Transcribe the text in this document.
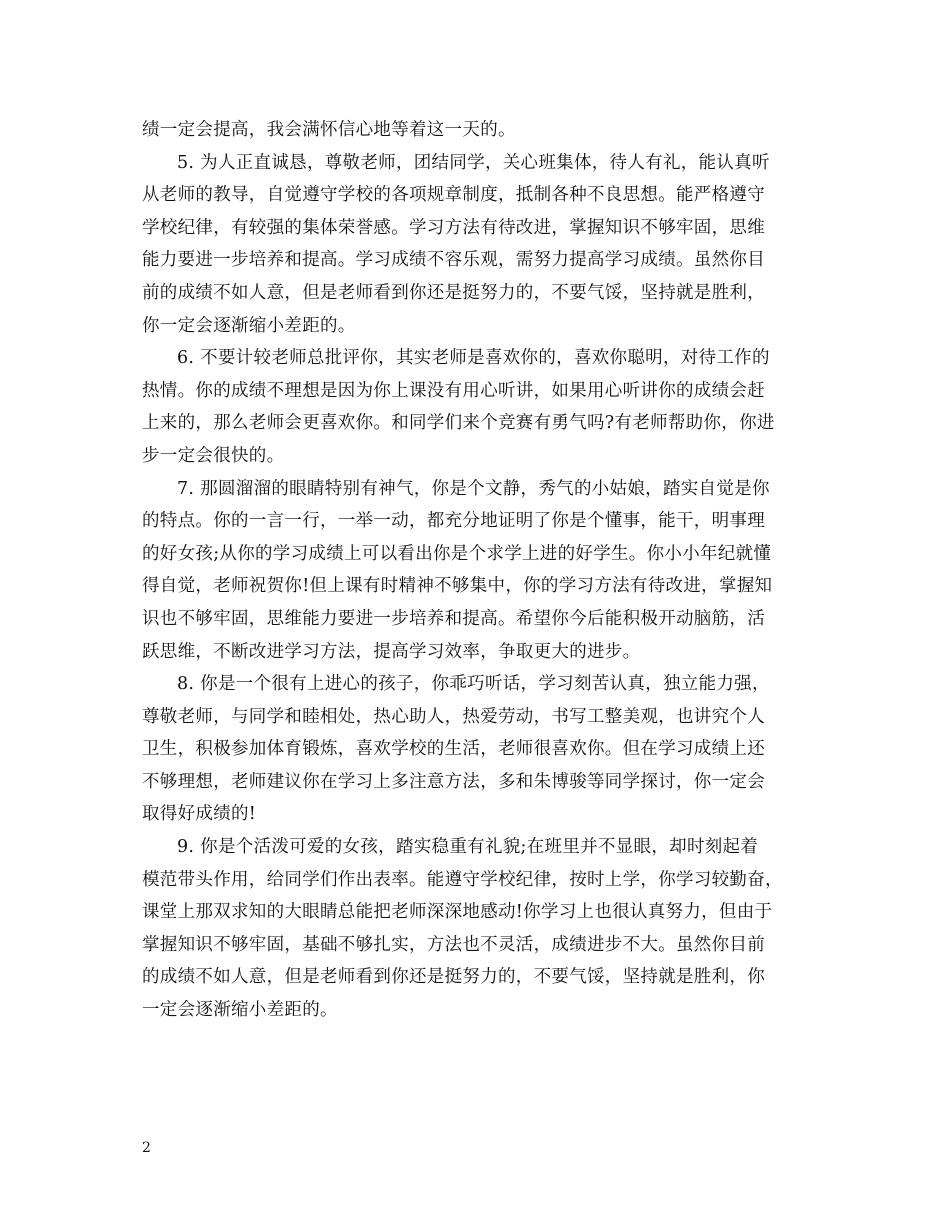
绩一定会提高，我会满怀信心地等着这一天的。
5. 为人正直诚恳，尊敬老师，团结同学，关心班集体，待人有礼，能认真听
从老师的教导，自觉遵守学校的各项规章制度，抵制各种不良思想。能严格遵守
学校纪律，有较强的集体荣誉感。学习方法有待改进，掌握知识不够牢固，思维
能力要进一步培养和提高。学习成绩不容乐观，需努力提高学习成绩。虽然你目
前的成绩不如人意，但是老师看到你还是挺努力的，不要气馁，坚持就是胜利，
你一定会逐渐缩小差距的。
6. 不要计较老师总批评你，其实老师是喜欢你的，喜欢你聪明，对待工作的
热情。你的成绩不理想是因为你上课没有用心听讲，如果用心听讲你的成绩会赶
上来的，那么老师会更喜欢你。和同学们来个竞赛有勇气吗?有老师帮助你，你进
步一定会很快的。
7. 那圆溜溜的眼睛特别有神气，你是个文静，秀气的小姑娘，踏实自觉是你
的特点。你的一言一行，一举一动，都充分地证明了你是个懂事，能干，明事理
的好女孩;从你的学习成绩上可以看出你是个求学上进的好学生。你小小年纪就懂
得自觉，老师祝贺你!但上课有时精神不够集中，你的学习方法有待改进，掌握知
识也不够牢固，思维能力要进一步培养和提高。希望你今后能积极开动脑筋，活
跃思维，不断改进学习方法，提高学习效率，争取更大的进步。
8. 你是一个很有上进心的孩子，你乖巧听话，学习刻苦认真，独立能力强，
尊敬老师，与同学和睦相处，热心助人，热爱劳动，书写工整美观，也讲究个人
卫生，积极参加体育锻炼，喜欢学校的生活，老师很喜欢你。但在学习成绩上还
不够理想，老师建议你在学习上多注意方法，多和朱博骏等同学探讨，你一定会
取得好成绩的!
9. 你是个活泼可爱的女孩，踏实稳重有礼貌;在班里并不显眼，却时刻起着
模范带头作用，给同学们作出表率。能遵守学校纪律，按时上学，你学习较勤奋，
课堂上那双求知的大眼睛总能把老师深深地感动!你学习上也很认真努力，但由于
掌握知识不够牢固，基础不够扎实，方法也不灵活，成绩进步不大。虽然你目前
的成绩不如人意，但是老师看到你还是挺努力的，不要气馁，坚持就是胜利，你
一定会逐渐缩小差距的。
2
